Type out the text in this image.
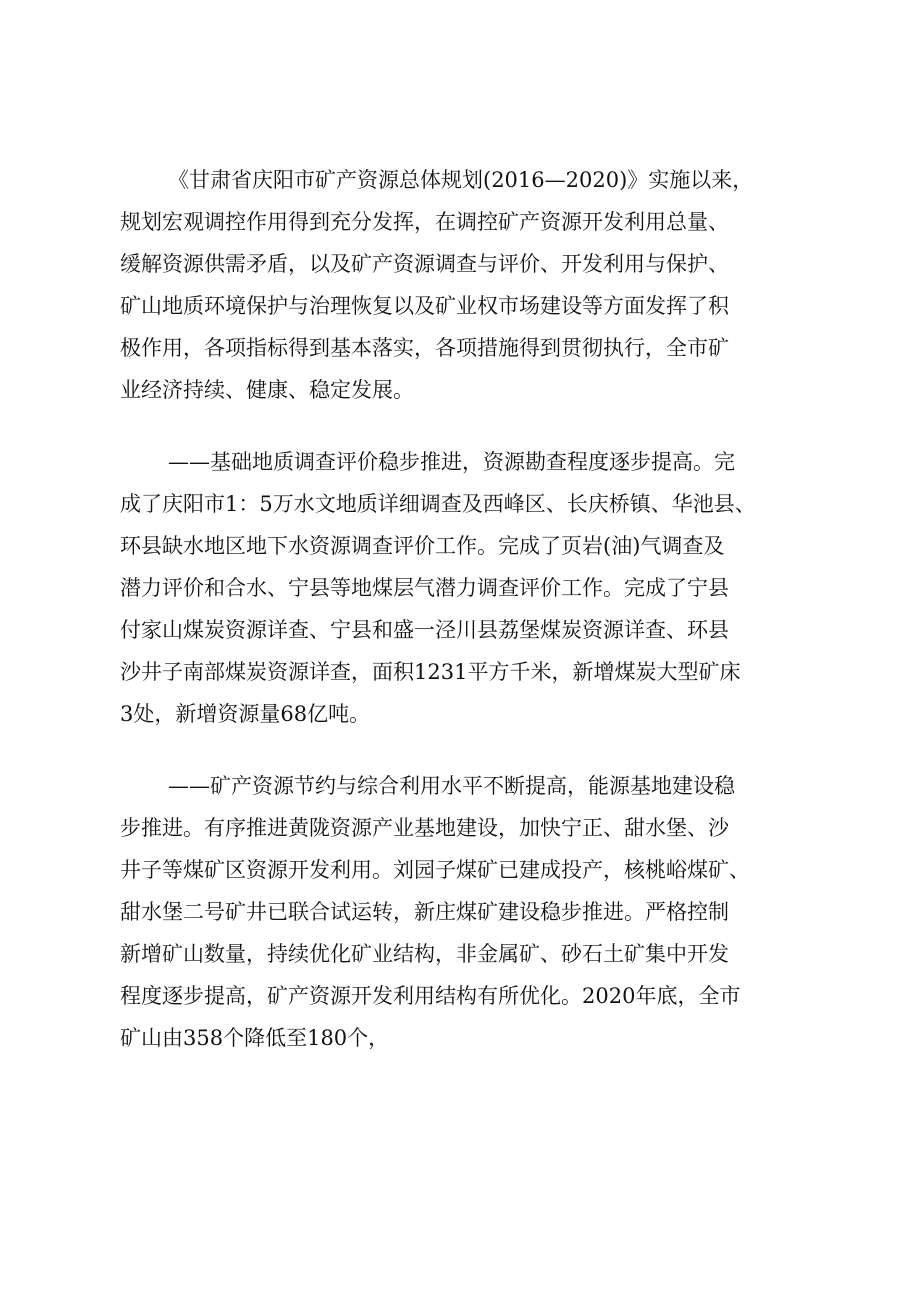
《甘肃省庆阳市矿产资源总体规划(2016—2020)》实施以来，
规划宏观调控作用得到充分发挥，在调控矿产资源开发利用总量、
缓解资源供需矛盾，以及矿产资源调查与评价、开发利用与保护、
矿山地质环境保护与治理恢复以及矿业权市场建设等方面发挥了积
极作用，各项指标得到基本落实，各项措施得到贯彻执行，全市矿
业经济持续、健康、稳定发展。
——基础地质调查评价稳步推进，资源勘查程度逐步提高。完
成了庆阳市1：5万水文地质详细调查及西峰区、长庆桥镇、华池县、
环县缺水地区地下水资源调查评价工作。完成了页岩(油)气调查及
潜力评价和合水、宁县等地煤层气潜力调查评价工作。完成了宁县
付家山煤炭资源详查、宁县和盛一泾川县荔堡煤炭资源详查、环县
沙井子南部煤炭资源详查，面积1231平方千米，新增煤炭大型矿床
3处，新增资源量68亿吨。
——矿产资源节约与综合利用水平不断提高，能源基地建设稳
步推进。有序推进黄陇资源产业基地建设，加快宁正、甜水堡、沙
井子等煤矿区资源开发利用。刘园子煤矿已建成投产，核桃峪煤矿、
甜水堡二号矿井已联合试运转，新庄煤矿建设稳步推进。严格控制
新增矿山数量，持续优化矿业结构，非金属矿、砂石土矿集中开发
程度逐步提高，矿产资源开发利用结构有所优化。2020年底，全市
矿山由358个降低至180个，
